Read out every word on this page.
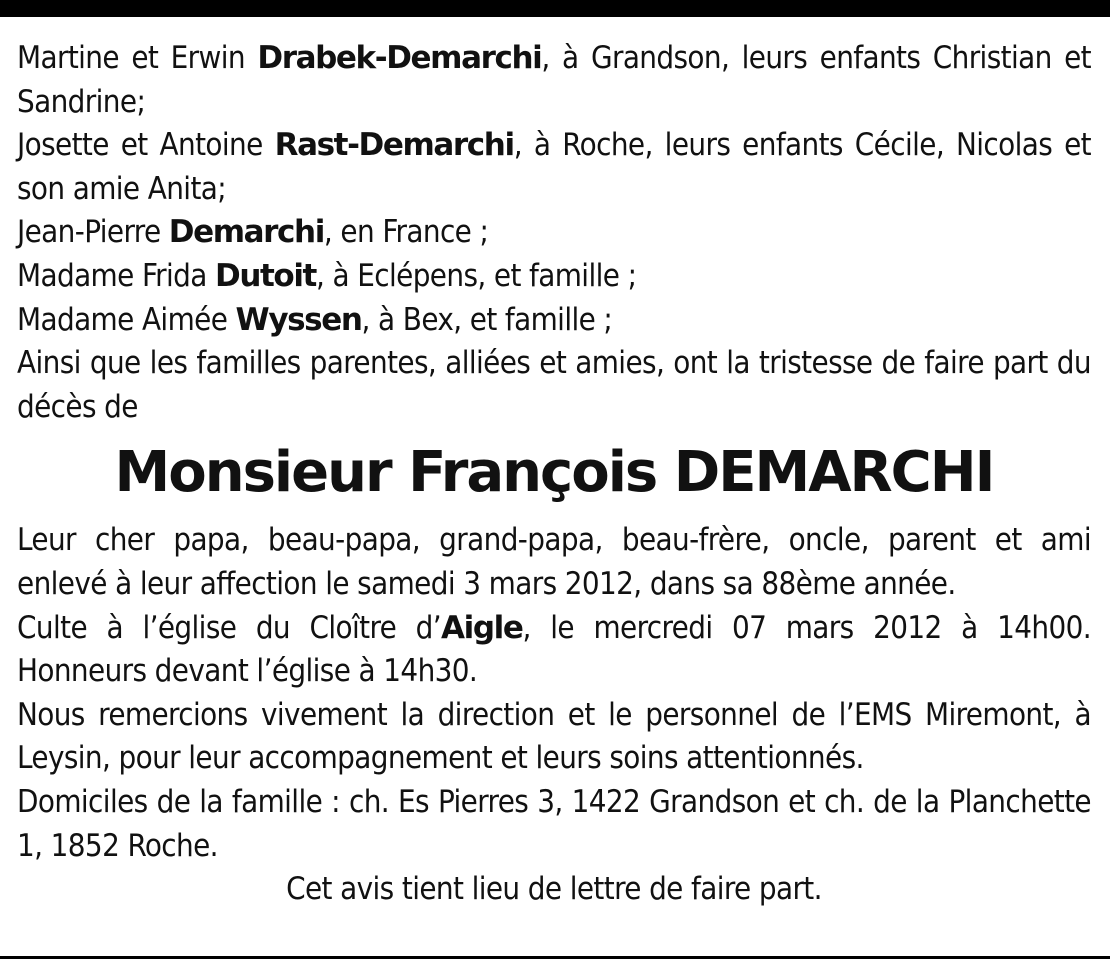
Martine et Erwin Drabek-Demarchi, à Grandson, leurs enfants Christian et Sandrine;
Josette et Antoine Rast-Demarchi, à Roche, leurs enfants Cécile, Nicolas et son amie Anita;
Jean-Pierre Demarchi, en France ;
Madame Frida Dutoit, à Eclépens, et famille ;
Madame Aimée Wyssen, à Bex, et famille ;
Ainsi que les familles parentes, alliées et amies, ont la tristesse de faire part du décès de
Monsieur François DEMARCHI
Leur cher papa, beau-papa, grand-papa, beau-frère, oncle, parent et ami enlevé à leur affection le samedi 3 mars 2012, dans sa 88ème année.
Culte à l’église du Cloître d’Aigle, le mercredi 07 mars 2012 à 14h00. Honneurs devant l’église à 14h30.
Nous remercions vivement la direction et le personnel de l’EMS Miremont, à Leysin, pour leur accompagnement et leurs soins attentionnés.
Domiciles de la famille : ch. Es Pierres 3, 1422 Grandson et ch. de la Planchette 1, 1852 Roche.
Cet avis tient lieu de lettre de faire part.
